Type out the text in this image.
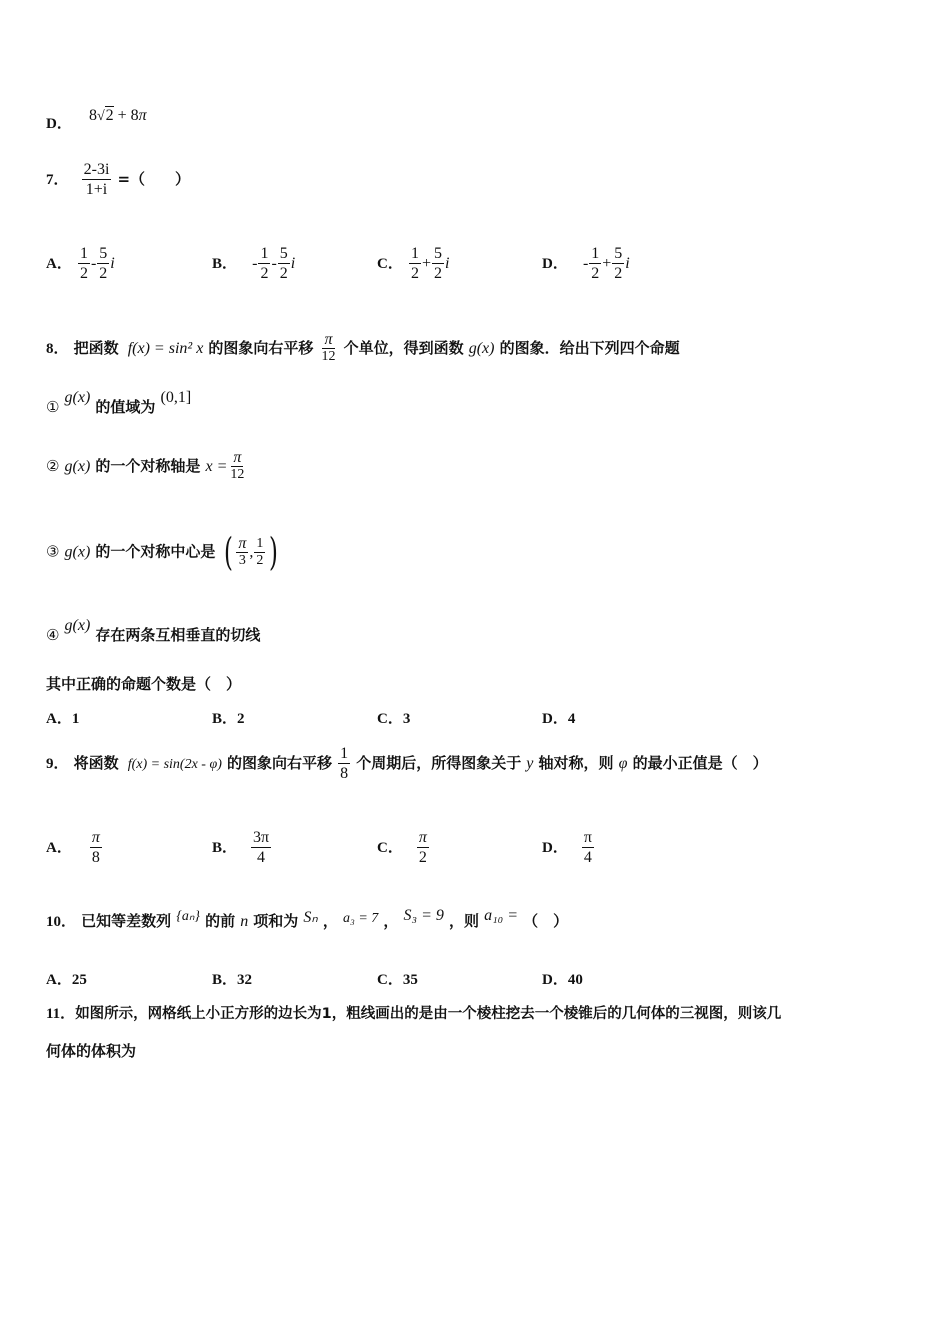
D． 8√2 + 8π
7． $\frac{2-3i}{1+i}$ =（　　）
A． $\frac{1}{2} - \frac{5}{2}$ i	B． - $\frac{1}{2} - \frac{5}{2}$ i	C． $\frac{1}{2} + \frac{5}{2}$ i	D． - $\frac{1}{2} + \frac{5}{2}$ i
8． 把函数 f(x) = sin² x 的图象向右平移 $\frac{\pi}{12}$ 个单位，得到函数 g(x) 的图象．给出下列四个命题
① g(x) 的值域为 (0,1]
② g(x) 的一个对称轴是 $x = \frac{\pi}{12}$
③ g(x) 的一个对称中心是 ( $\frac{\pi}{3}$ , $\frac{1}{2}$ )
④ g(x) 存在两条互相垂直的切线
其中正确的命题个数是（　）
A．1	B．2	C．3	D．4
9． 将函数 f(x) = sin(2x - φ) 的图象向右平移 $\frac{1}{8}$ 个周期后，所得图象关于 y 轴对称，则 φ 的最小正值是（　）
A． $\frac{\pi}{8}$	B． $\frac{3\pi}{4}$	C． $\frac{\pi}{2}$	D． $\frac{\pi}{4}$
10． 已知等差数列 {aₙ} 的前 n 项和为 Sₙ ， a₃ = 7 ， S₃ = 9 ，则 a₁₀ = （　）
A．25	B．32	C．35	D．40
11．如图所示，网格纸上小正方形的边长为1，粗线画出的是由一个棱柱挖去一个棱锥后的几何体的三视图，则该几
何体的体积为
